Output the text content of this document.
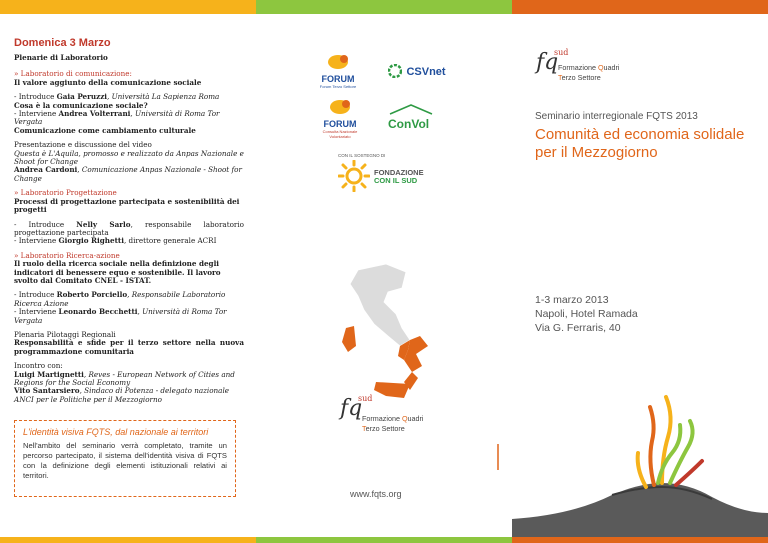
Domenica 3 Marzo

Plenarie di Laboratorio

» Laboratorio di comunicazione:
Il valore aggiunto della comunicazione sociale

- Introduce Gaia Peruzzi, Università La Sapienza Roma
Cosa è la comunicazione sociale?
- Interviene Andrea Volterrani, Università di Roma Tor Vergata
Comunicazione come cambiamento culturale

Presentazione e discussione del video
Questa è L'Aquila, promosso e realizzato da Anpas Nazionale e Shoot for Change
Andrea Cardoni, Comunicazione Anpas Nazionale - Shoot for Change

» Laboratorio Progettazione
Processi di progettazione partecipata e sostenibilità dei progetti

- Introduce Nelly Sarlo, responsabile laboratorio progettazione partecipata
- Interviene Giorgio Righetti, direttore generale ACRI

» Laboratorio Ricerca-azione
Il ruolo della ricerca sociale nella definizione degli indicatori di benessere equo e sostenibile. Il lavoro svolto dal Comitato CNEL - ISTAT.

- Introduce Roberto Porciello, Responsabile Laboratorio Ricerca Azione
- Interviene Leonardo Becchetti, Università di Roma Tor Vergata

Plenaria Pilotaggi Regionali
Responsabilità e sfide per il terzo settore nella nuova programmazione comunitaria

Incontro con:
Luigi Martignetti, Reves - European Network of Cities and Regions for the Social Economy
Vito Santarsiero, Sindaco di Potenza - delegato nazionale ANCI per le Politiche per il Mezzogiorno

L'identità visiva FQTS, dal nazionale ai territori
Nell'ambito del seminario verrà completato, tramite un percorso partecipato, il sistema dell'identità visiva di FQTS con la definizione degli elementi istituzionali relativi ai territori.
FORUM
Forum Terzo Settore
CSVnet
FORUM
Consulta Nazionale Volontariato
ConVol
CON IL SOSTEGNO DI
FONDAZIONE
CON IL SUD
fq
sud
Formazione Quadri
Terzo Settore
www.fqts.org
fq
sud
Formazione Quadri
Terzo Settore
Seminario interregionale FQTS 2013
Comunità ed economia solidale
per il Mezzogiorno
1-3 marzo 2013
Napoli, Hotel Ramada
Via G. Ferraris, 40
